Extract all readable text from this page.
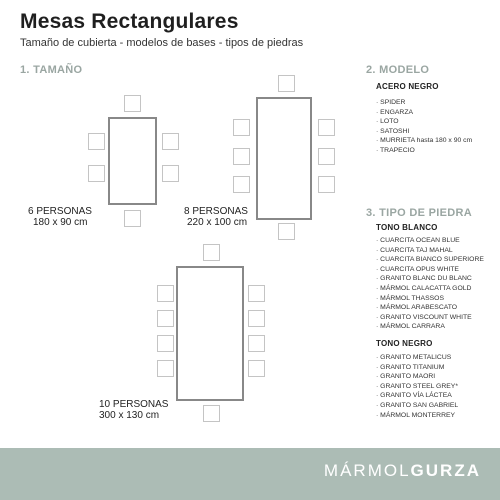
Mesas Rectangulares
Tamaño de cubierta - modelos de bases - tipos de piedras
1. TAMAÑO	2. MODELO
3. TIPO DE PIEDRA
6 PERSONAS
180 x 90 cm
8 PERSONAS
220 x 100 cm
10 PERSONAS
300 x 130 cm
ACERO NEGRO
· SPIDER
· ENGARZA
· LOTO
· SATOSHI
· MURRIETA hasta 180 x 90 cm
· TRAPECIO
TONO BLANCO
· CUARCITA OCEAN BLUE
· CUARCITA TAJ MAHAL
· CUARCITA BIANCO SUPERIORE
· CUARCITA OPUS WHITE
· GRANITO BLANC DU BLANC
· MÁRMOL CALACATTA GOLD
· MÁRMOL THASSOS
· MÁRMOL ARABESCATO
· GRANITO VISCOUNT WHITE
· MÁRMOL CARRARA
TONO NEGRO
· GRANITO METALICUS
· GRANITO TITANIUM
· GRANITO MAORI
· GRANITO STEEL GREY*
· GRANITO VÍA LÁCTEA
· GRANITO SAN GABRIEL
· MÁRMOL MONTERREY
MÁRMOLGURZA
